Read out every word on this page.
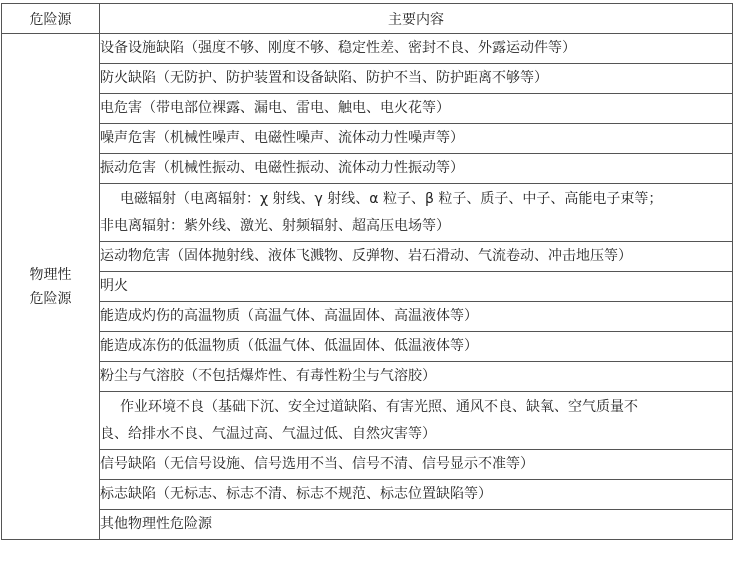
危险源	主要内容

物理性
危险源	设备设施缺陷（强度不够、刚度不够、稳定性差、密封不良、外露运动件等）
	防火缺陷（无防护、防护装置和设备缺陷、防护不当、防护距离不够等）
	电危害（带电部位裸露、漏电、雷电、触电、电火花等）
	噪声危害（机械性噪声、电磁性噪声、流体动力性噪声等）
	振动危害（机械性振动、电磁性振动、流体动力性振动等）

	电磁辐射（电离辐射：χ 射线、γ 射线、α 粒子、β 粒子、质子、中子、高能电子束等；
非电离辐射：紫外线、激光、射频辐射、超高压电场等）

	运动物危害（固体抛射线、液体飞溅物、反弹物、岩石滑动、气流卷动、冲击地压等）
	明火
	能造成灼伤的高温物质（高温气体、高温固体、高温液体等）
	能造成冻伤的低温物质（低温气体、低温固体、低温液体等）
	粉尘与气溶胶（不包括爆炸性、有毒性粉尘与气溶胶）

	作业环境不良（基础下沉、安全过道缺陷、有害光照、通风不良、缺氧、空气质量不
良、给排水不良、气温过高、气温过低、自然灾害等）

	信号缺陷（无信号设施、信号选用不当、信号不清、信号显示不准等）
	标志缺陷（无标志、标志不清、标志不规范、标志位置缺陷等）
	其他物理性危险源
